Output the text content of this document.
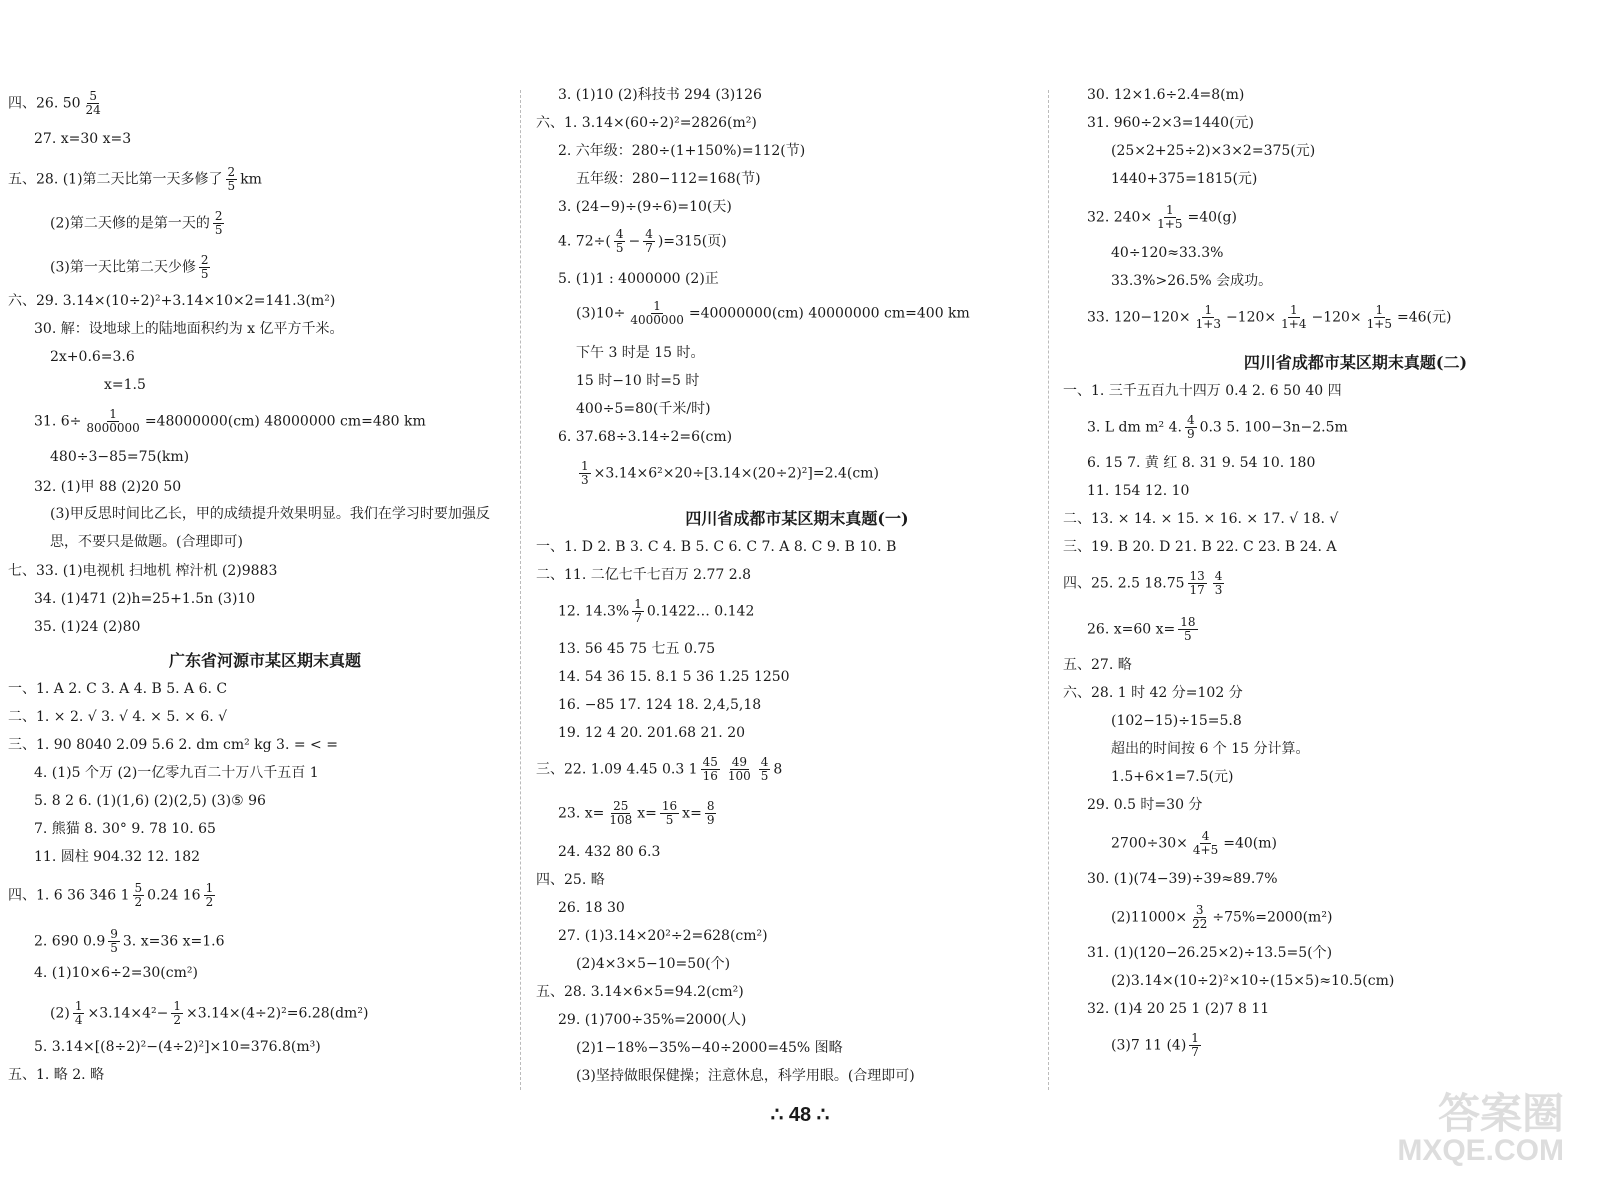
四、26. $50 \frac{5}{24}$
27. x=30 x=3
五、28. (1)第二天比第一天多修了 $\frac{2}{5}$ km
(2)第二天修的是第一天的 $\frac{2}{5}$
(3)第一天比第二天少修 $\frac{2}{5}$
六、29. 3.14×(10÷2)²+3.14×10×2=141.3(m²)
30. 解：设地球上的陆地面积约为 x 亿平方千米。
2x+0.6=3.6
x=1.5
31. $6\div \frac{1}{8000000} =48000000(cm)$ 48000000 cm=480 km
480÷3−85=75(km)
32. (1)甲 88 (2)20 50
(3)甲反思时间比乙长，甲的成绩提升效果明显。我们在学习时要加强反思，不要只是做题。(合理即可)
七、33. (1)电视机 扫地机 榨汁机 (2)9883
34. (1)471 (2)h=25+1.5n (3)10
35. (1)24 (2)80
广东省河源市某区期末真题
一、1. A 2. C 3. A 4. B 5. A 6. C
二、1. × 2. √ 3. √ 4. × 5. × 6. √
三、1. 90 8040 2.09 5.6 2. dm cm² kg 3. = < =
4. (1)5 个万 (2)一亿零九百二十万八千五百 1
5. 8 2 6. (1)(1,6) (2)(2,5) (3)⑤ 96
7. 熊猫 8. 30° 9. 78 10. 65
11. 圆柱 904.32 12. 182
四、1. 6 36 346 $1 \frac{5}{2} 0.24$ $16 \frac{1}{2}$
2. 690 $0.9 \frac{9}{5} 3$. x=36 x=1.6
4. (1)10×6÷2=30(cm²)
$(2) \frac{1}{4} \times 3.14\times 4^2- \frac{1}{2} \times 3.14\times(4\div 2)^2=6.28(dm^2)$
5. 3.14×[(8÷2)²−(4÷2)²]×10=376.8(m³)
五、1. 略 2. 略
3. (1)10 (2)科技书 294 (3)126
六、1. 3.14×(60÷2)²=2826(m²)
2. 六年级：280÷(1+150%)=112(节)
五年级：280−112=168(节)
3. (24−9)÷(9÷6)=10(天)
4. $72\div( \frac{4}{5} - \frac{4}{7} )=315$(页)
5. (1)1 : 4000000 (2)正
$(3)10\div \frac{1}{4000000} =40000000(cm)$ 40000000 cm=400 km
下午 3 时是 15 时。
15 时−10 时=5 时
400÷5=80(千米/时)
6. 37.68÷3.14÷2=6(cm)
$\frac{1}{3} \times 3.14\times 6^2\times 20\div[3.14\times(20\div 2)^2]=2.4(cm)$
四川省成都市某区期末真题(一)
一、1. D 2. B 3. C 4. B 5. C 6. C 7. A 8. C 9. B 10. B
二、11. 二亿七千七百万 2.77 2.8
12. $14.3\% \frac{1}{7}$ 0.1422… 0.142
13. 56 45 75 七五 0.75
14. 54 36 15. 8.1 5 36 1.25 1250
16. −85 17. 124 18. 2,4,5,18
19. 12 4 20. 201.68 21. 20
三、22. 1.09 4.45 0.3 $1 \frac{45}{16} \frac{49}{100} \frac{4}{5} 8$
23. $x= \frac{25}{108} x= \frac{16}{5} x= \frac{8}{9}$
24. 432 80 6.3
四、25. 略
26. 18 30
27. (1)3.14×20²÷2=628(cm²)
(2)4×3×5−10=50(个)
五、28. 3.14×6×5=94.2(cm²)
29. (1)700÷35%=2000(人)
(2)1−18%−35%−40÷2000=45% 图略
(3)坚持做眼保健操；注意休息，科学用眼。(合理即可)
30. 12×1.6÷2.4=8(m)
31. 960÷2×3=1440(元)
(25×2+25÷2)×3×2=375(元)
1440+375=1815(元)
32. $240\times \frac{1}{1+5} =40(g)$
40÷120≈33.3%
33.3%>26.5% 会成功。
33. $120-120\times \frac{1}{1+3} -120\times \frac{1}{1+4} -120\times \frac{1}{1+5} =46$(元)
四川省成都市某区期末真题(二)
一、1. 三千五百九十四万 0.4 2. 6 50 40 四
3. L dm m² 4. $\frac{4}{9} 0.3$ 5. 100−3n−2.5m
6. 15 7. 黄 红 8. 31 9. 54 10. 180
11. 154 12. 10
二、13. × 14. × 15. × 16. × 17. √ 18. √
三、19. B 20. D 21. B 22. C 23. B 24. A
四、25. 2.5 $18.75 \frac{13}{17} \frac{4}{3}$
26. x=60 $x= \frac{18}{5}$
五、27. 略
六、28. 1 时 42 分=102 分
(102−15)÷15=5.8
超出的时间按 6 个 15 分计算。
1.5+6×1=7.5(元)
29. 0.5 时=30 分
$2700\div 30\times \frac{4}{4+5} =40(m)$
30. (1)(74−39)÷39≈89.7%
$(2)11000\times \frac{3}{22} \div 75\%=2000(m^2)$
31. (1)(120−26.25×2)÷13.5=5(个)
(2)3.14×(10÷2)²×10÷(15×5)≈10.5(cm)
32. (1)4 20 25 1 (2)7 8 11
(3)7 11 $(4) \frac{1}{7}$
∴ 48 ∴	答案圈
MXQE.COM
